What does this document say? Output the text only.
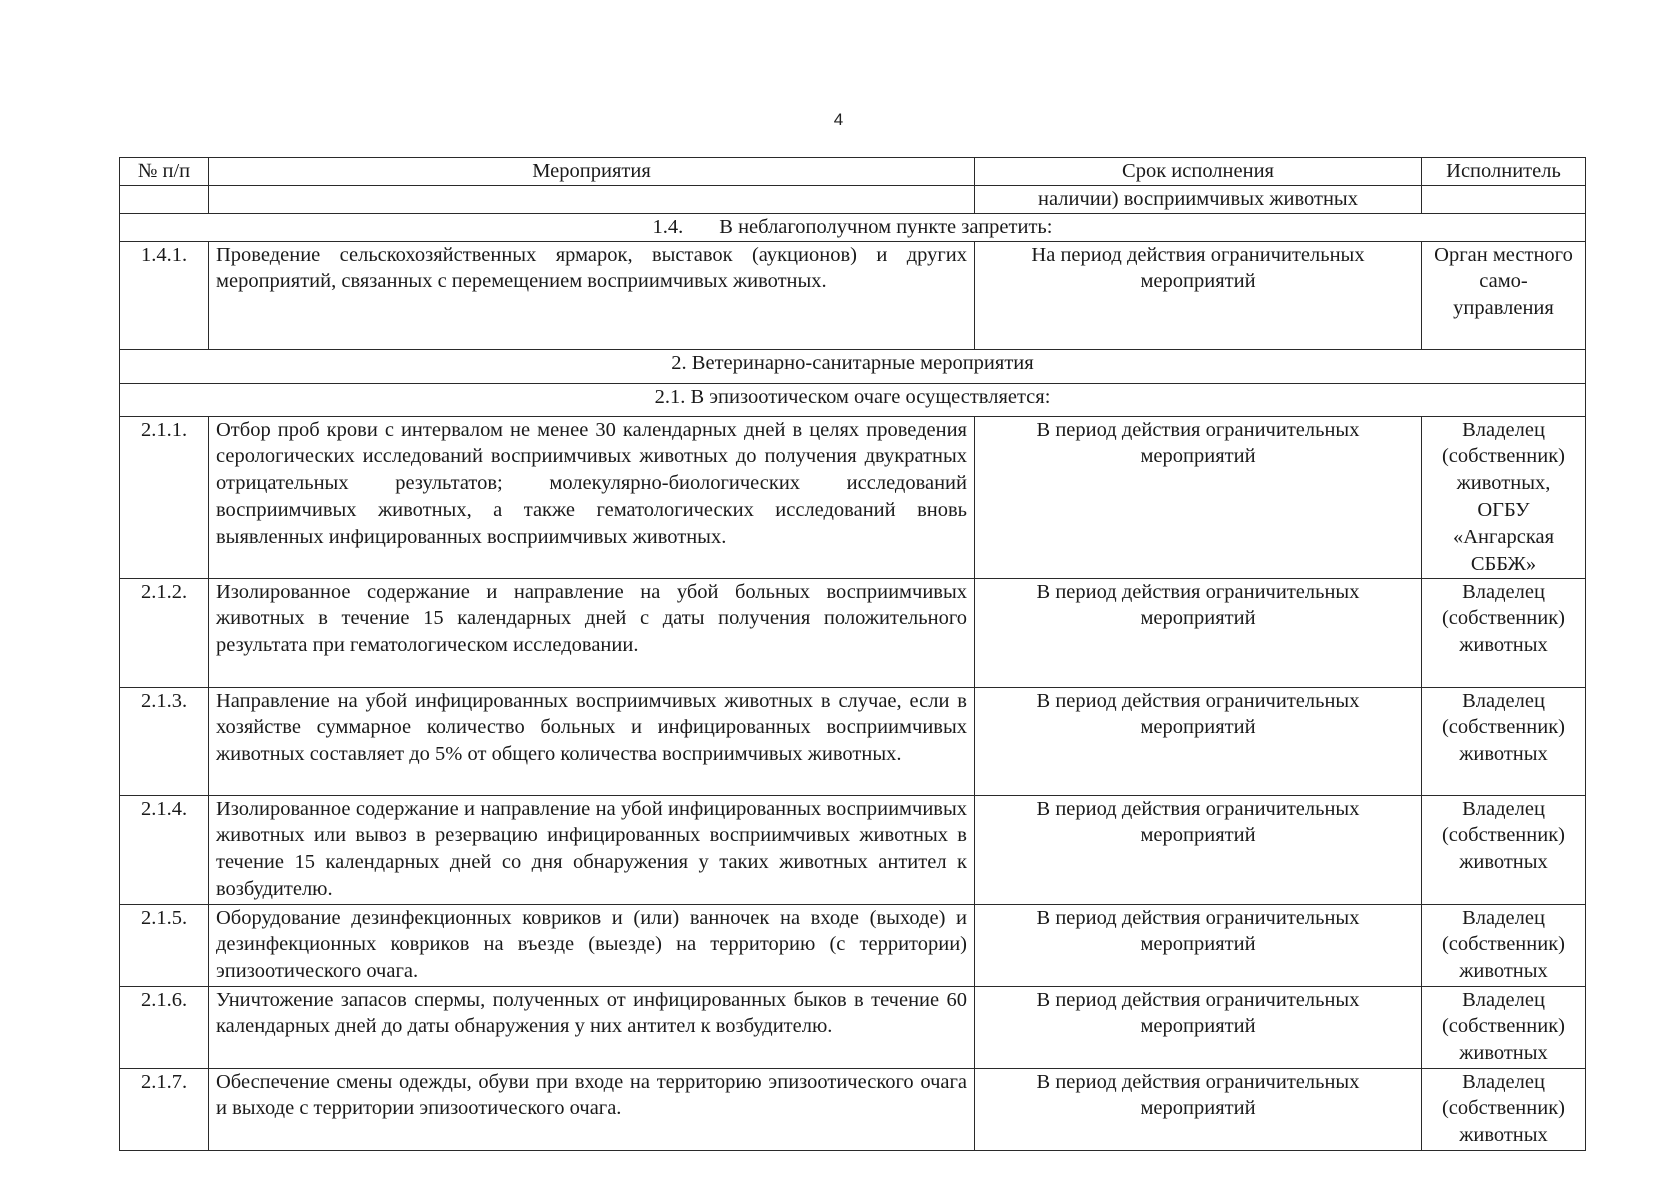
4
№ п/п	Мероприятия	Срок исполнения	Исполнитель
		наличии) восприимчивых животных	
1.4. В неблагополучном пункте запретить:			
1.4.1.	Проведение сельскохозяйственных ярмарок, выставок (аукционов) и других мероприятий, связанных с перемещением восприимчивых животных.	На период действия ограничительных мероприятий	Орган местного само-управления
2. Ветеринарно-санитарные мероприятия			
2.1. В эпизоотическом очаге осуществляется:			
2.1.1.	Отбор проб крови с интервалом не менее 30 календарных дней в целях проведения серологических исследований восприимчивых животных до получения двукратных отрицательных результатов; молекулярно-биологических исследований восприимчивых животных, а также гематологических исследований вновь выявленных инфицированных восприимчивых животных.	В период действия ограничительных мероприятий	Владелец (собственник) животных, ОГБУ «Ангарская СББЖ»
2.1.2.	Изолированное содержание и направление на убой больных восприимчивых животных в течение 15 календарных дней с даты получения положительного результата при гематологическом исследовании.	В период действия ограничительных мероприятий	Владелец (собственник) животных
2.1.3.	Направление на убой инфицированных восприимчивых животных в случае, если в хозяйстве суммарное количество больных и инфицированных восприимчивых животных составляет до 5% от общего количества восприимчивых животных.	В период действия ограничительных мероприятий	Владелец (собственник) животных
2.1.4.	Изолированное содержание и направление на убой инфицированных восприимчивых животных или вывоз в резервацию инфицированных восприимчивых животных в течение 15 календарных дней со дня обнаружения у таких животных антител к возбудителю.	В период действия ограничительных мероприятий	Владелец (собственник) животных
2.1.5.	Оборудование дезинфекционных ковриков и (или) ванночек на входе (выходе) и дезинфекционных ковриков на въезде (выезде) на территорию (с территории) эпизоотического очага.	В период действия ограничительных мероприятий	Владелец (собственник) животных
2.1.6.	Уничтожение запасов спермы, полученных от инфицированных быков в течение 60 календарных дней до даты обнаружения у них антител к возбудителю.	В период действия ограничительных мероприятий	Владелец (собственник) животных
2.1.7.	Обеспечение смены одежды, обуви при входе на территорию эпизоотического очага и выходе с территории эпизоотического очага.	В период действия ограничительных мероприятий	Владелец (собственник) животных
